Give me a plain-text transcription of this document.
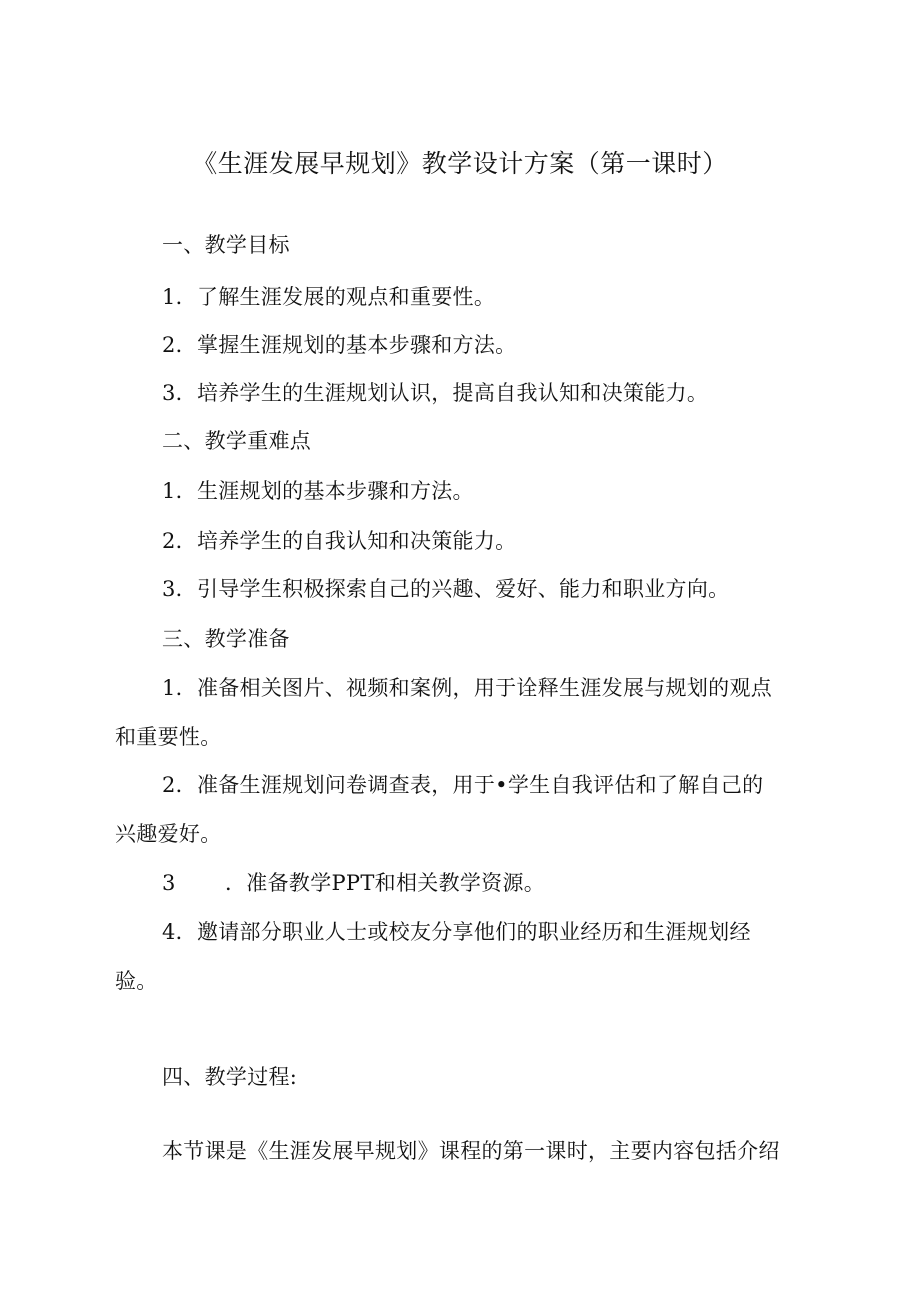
《生涯发展早规划》教学设计方案（第一课时）
一、教学目标
1．了解生涯发展的观点和重要性。
2．掌握生涯规划的基本步骤和方法。
3．培养学生的生涯规划认识，提高自我认知和决策能力。
二、教学重难点
1．生涯规划的基本步骤和方法。
2．培养学生的自我认知和决策能力。
3．引导学生积极探索自己的兴趣、爱好、能力和职业方向。
三、教学准备
1．准备相关图片、视频和案例，用于诠释生涯发展与规划的观点
和重要性。
2．准备生涯规划问卷调查表，用于•学生自我评估和了解自己的
兴趣爱好。
3 ．准备教学PPT和相关教学资源。
4．邀请部分职业人士或校友分享他们的职业经历和生涯规划经
验。
四、教学过程:
本节课是《生涯发展早规划》课程的第一课时，主要内容包括介绍
